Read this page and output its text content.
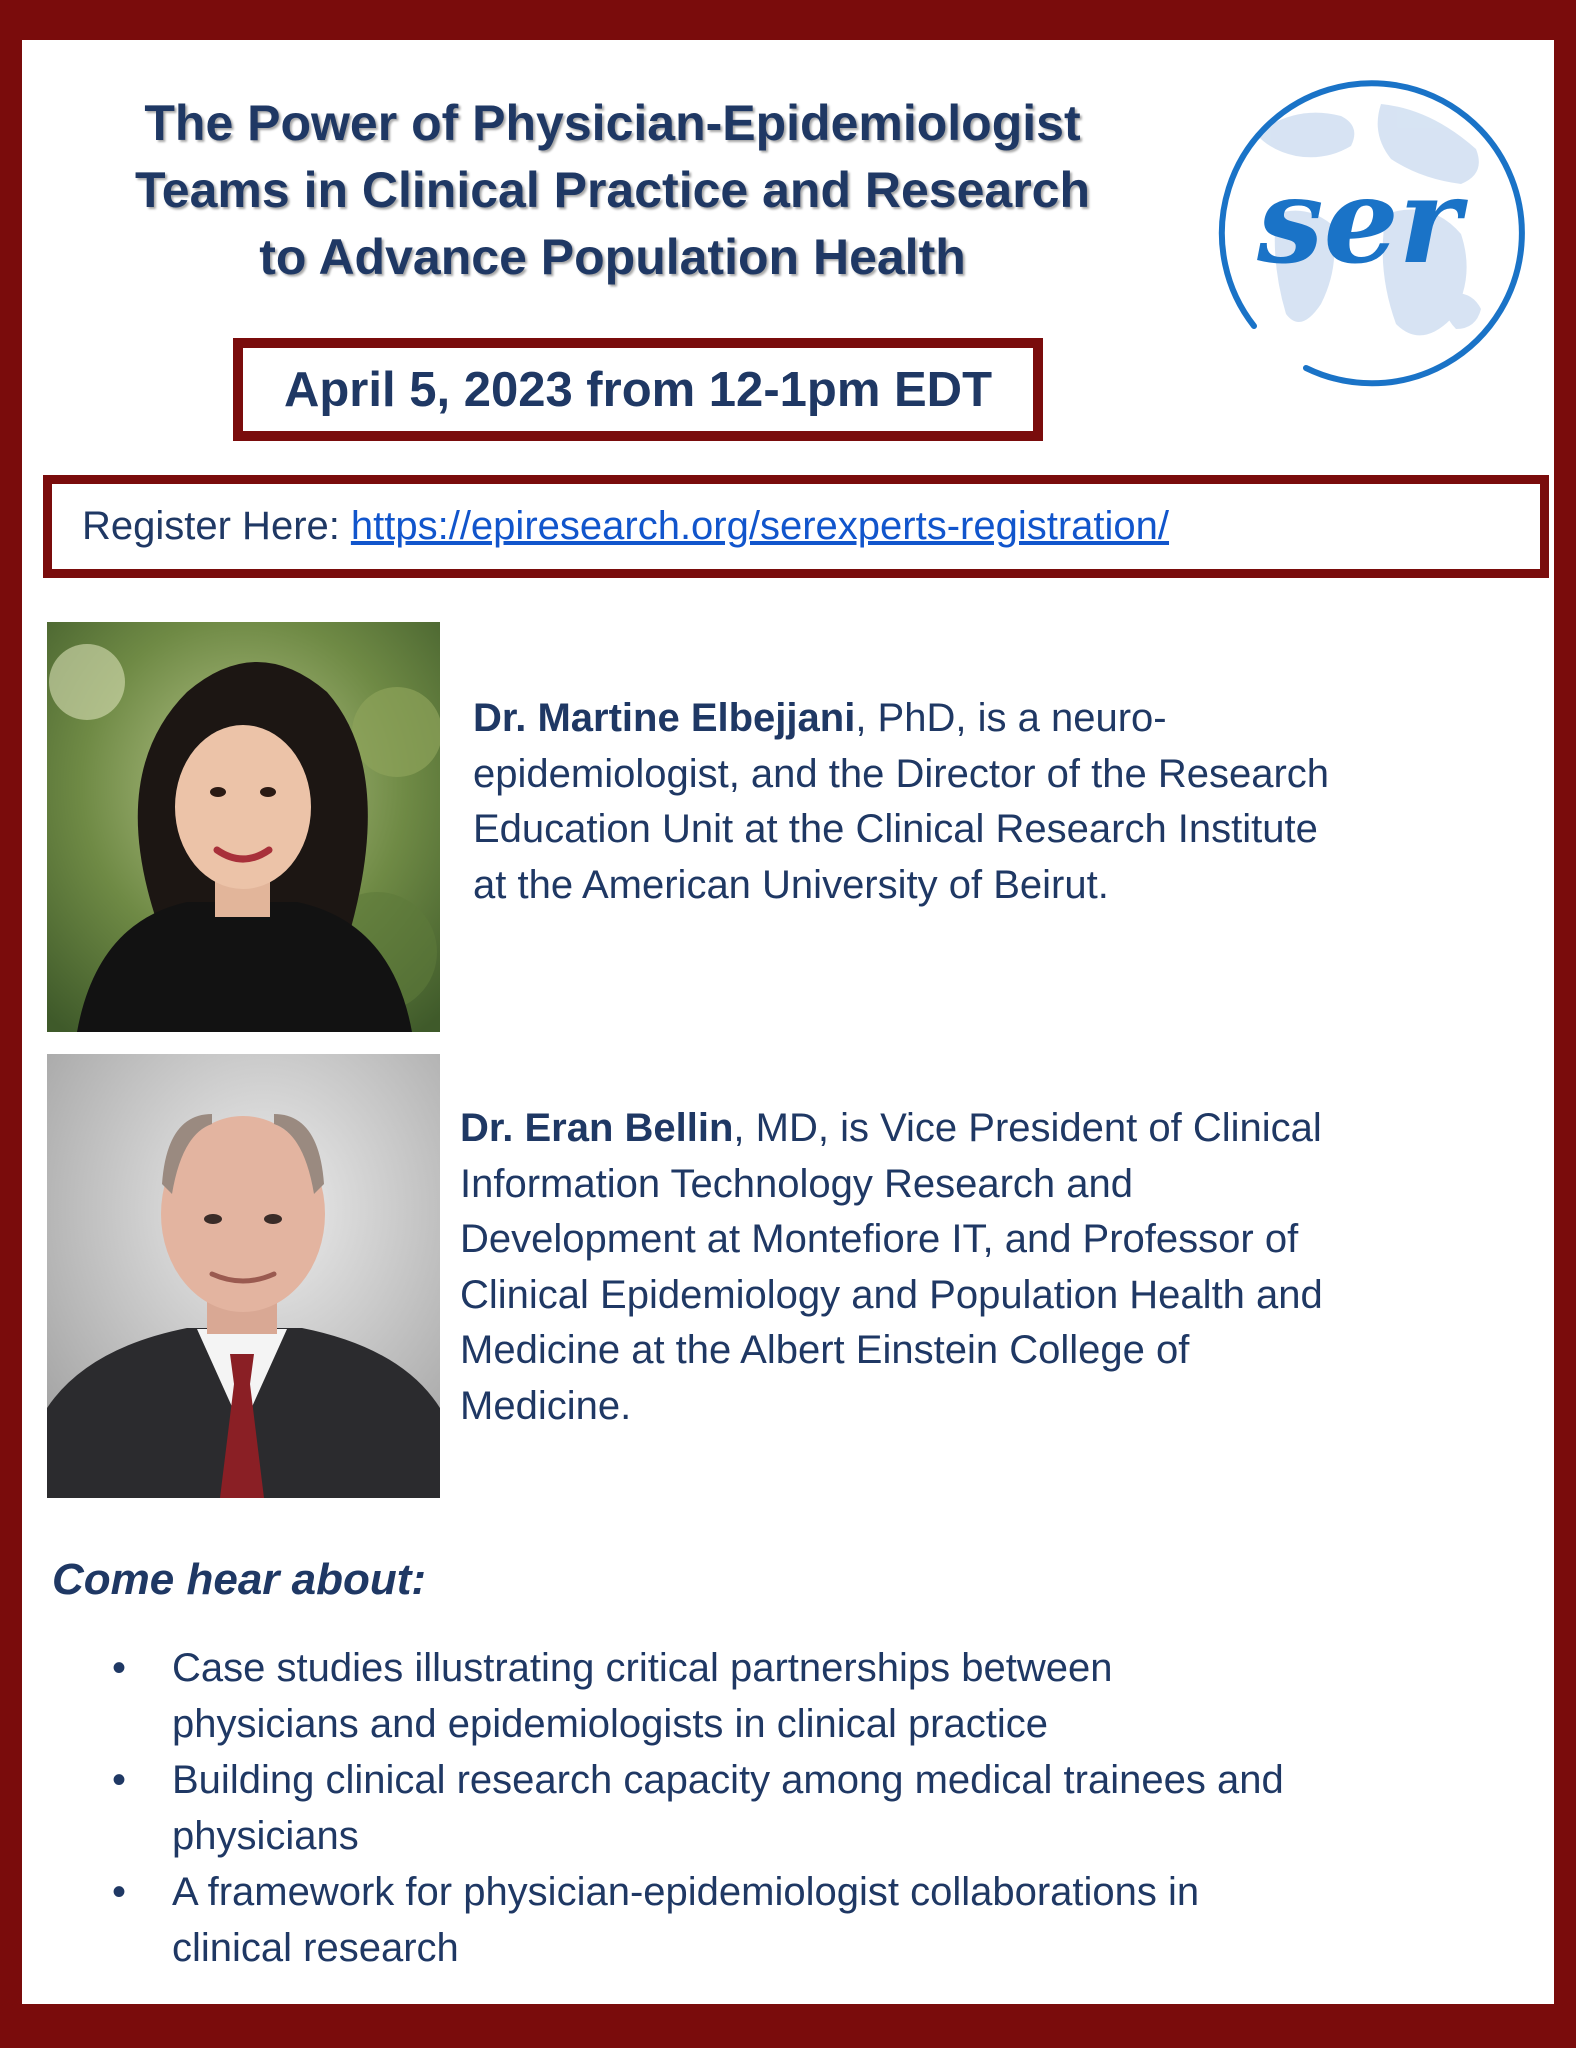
The Power of Physician-Epidemiologist
Teams in Clinical Practice and Research
to Advance Population Health	ser
April 5, 2023 from 12-1pm EDT
Register Here: https://epiresearch.org/serexperts-registration/
Dr. Martine Elbejjani, PhD, is a neuro-
epidemiologist, and the Director of the Research
Education Unit at the Clinical Research Institute
at the American University of Beirut.
Dr. Eran Bellin, MD, is Vice President of Clinical
Information Technology Research and
Development at Montefiore IT, and Professor of
Clinical Epidemiology and Population Health and
Medicine at the Albert Einstein College of
Medicine.
Come hear about:
• Case studies illustrating critical partnerships between
physicians and epidemiologists in clinical practice
• Building clinical research capacity among medical trainees and
physicians
• A framework for physician-epidemiologist collaborations in
clinical research
